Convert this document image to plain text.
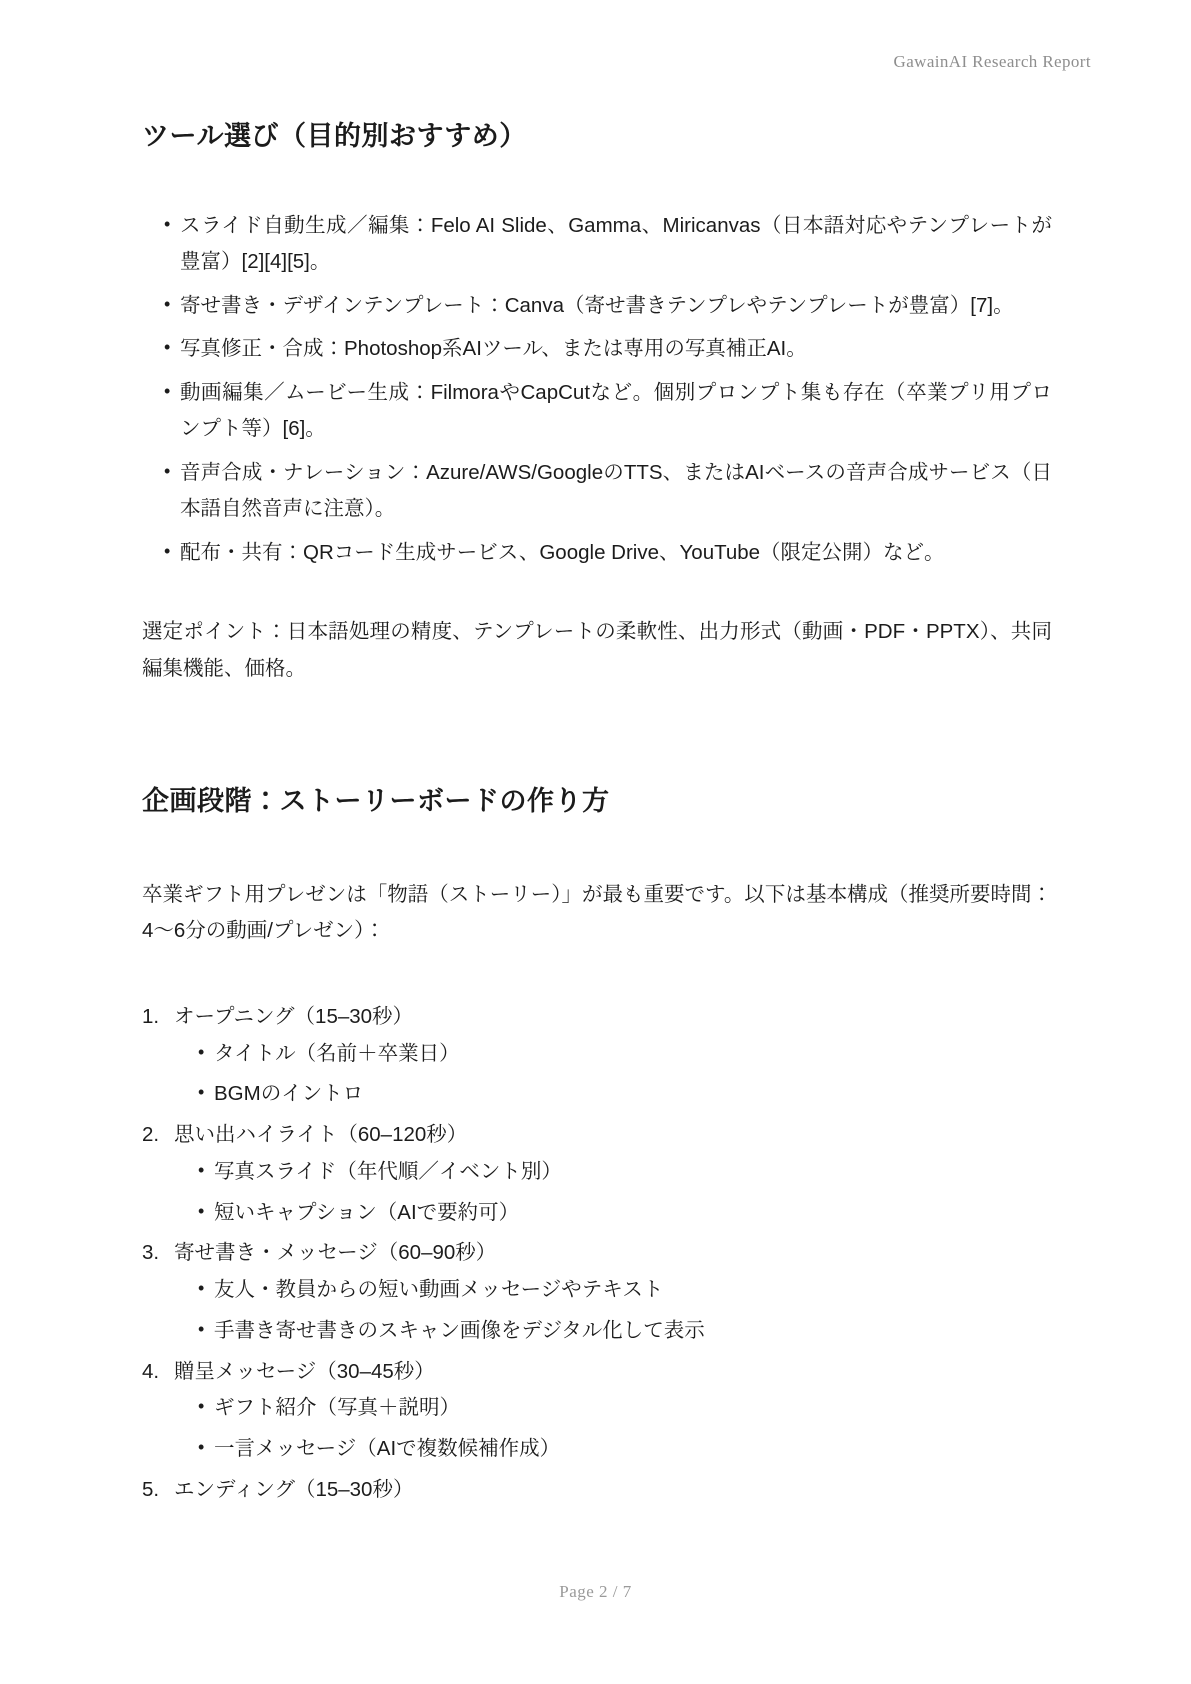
GawainAI Research Report
ツール選び（目的別おすすめ）
• スライド自動生成／編集：Felo AI Slide、Gamma、Miricanvas（日本語対応やテンプレートが豊富）[2][4][5]。
• 寄せ書き・デザインテンプレート：Canva（寄せ書きテンプレやテンプレートが豊富）[7]。
• 写真修正・合成：Photoshop系AIツール、または専用の写真補正AI。
• 動画編集／ムービー生成：FilmoraやCapCutなど。個別プロンプト集も存在（卒業プリ用プロンプト等）[6]。
• 音声合成・ナレーション：Azure/AWS/GoogleのTTS、またはAIベースの音声合成サービス（日本語自然音声に注意）。
• 配布・共有：QRコード生成サービス、Google Drive、YouTube（限定公開）など。

選定ポイント：日本語処理の精度、テンプレートの柔軟性、出力形式（動画・PDF・PPTX）、共同編集機能、価格。

企画段階：ストーリーボードの作り方

卒業ギフト用プレゼンは「物語（ストーリー）」が最も重要です。以下は基本構成（推奨所要時間：4〜6分の動画/プレゼン）：

オープニング（15–30秒）
• タイトル（名前＋卒業日）
• BGMのイントロ
思い出ハイライト（60–120秒）
• 写真スライド（年代順／イベント別）
• 短いキャプション（AIで要約可）
寄せ書き・メッセージ（60–90秒）
• 友人・教員からの短い動画メッセージやテキスト
• 手書き寄せ書きのスキャン画像をデジタル化して表示
贈呈メッセージ（30–45秒）
• ギフト紹介（写真＋説明）
• 一言メッセージ（AIで複数候補作成）
エンディング（15–30秒）
Page 2 / 7
